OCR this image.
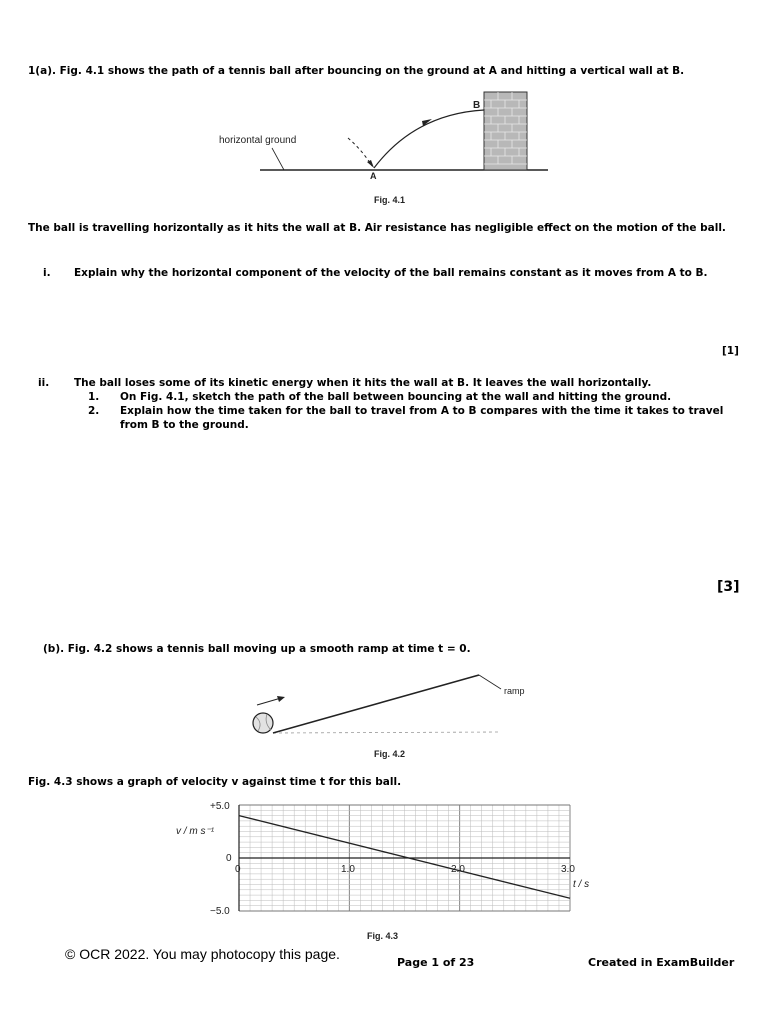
1(a). Fig. 4.1 shows the path of a tennis ball after bouncing on the ground at A and hitting a vertical wall at B.
horizontal ground
B
A
Fig. 4.1
The ball is travelling horizontally as it hits the wall at B. Air resistance has negligible effect on the motion of the ball.
i. Explain why the horizontal component of the velocity of the ball remains constant as it moves from A to B.
[1]
ii. The ball loses some of its kinetic energy when it hits the wall at B. It leaves the wall horizontally.
1. On Fig. 4.1, sketch the path of the ball between bouncing at the wall and hitting the ground.
2. Explain how the time taken for the ball to travel from A to B compares with the time it takes to travel from B to the ground.
[3]
(b). Fig. 4.2 shows a tennis ball moving up a smooth ramp at time t = 0.
ramp
Fig. 4.2
Fig. 4.3 shows a graph of velocity v against time t for this ball.
+5.0
0
−5.0
0	1.0	2.0	3.0
v / m s⁻¹
t / s
Fig. 4.3
© OCR 2022. You may photocopy this page.
Page 1 of 23	Created in ExamBuilder
